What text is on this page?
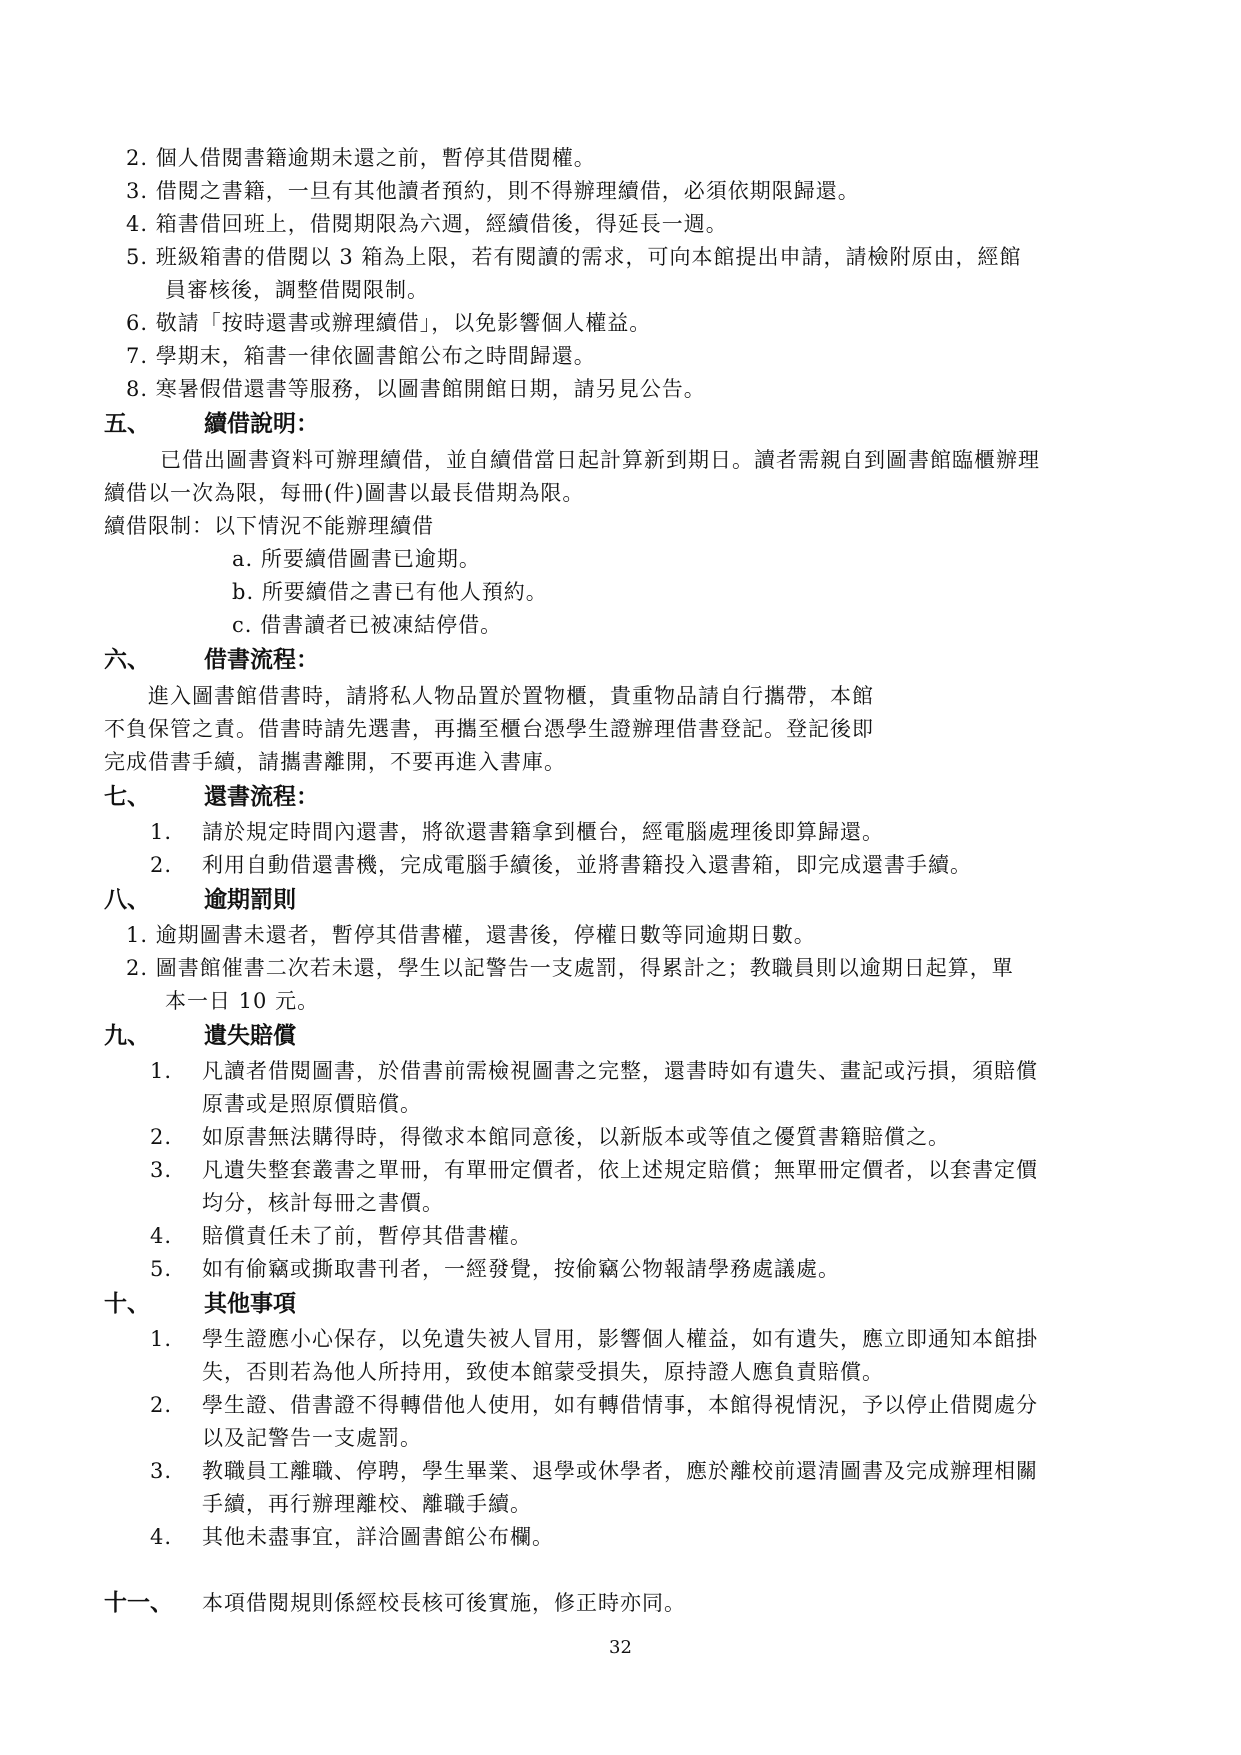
2. 個人借閱書籍逾期未還之前，暫停其借閱權。
3. 借閱之書籍，一旦有其他讀者預約，則不得辦理續借，必須依期限歸還。
4. 箱書借回班上，借閱期限為六週，經續借後，得延長一週。
5. 班級箱書的借閱以 3 箱為上限，若有閱讀的需求，可向本館提出申請，請檢附原由，經館
員審核後，調整借閱限制。
6. 敬請「按時還書或辦理續借」，以免影響個人權益。
7. 學期末，箱書一律依圖書館公布之時間歸還。
8. 寒暑假借還書等服務，以圖書館開館日期，請另見公告。
五、 續借說明：
已借出圖書資料可辦理續借，並自續借當日起計算新到期日。讀者需親自到圖書館臨櫃辦理
續借以一次為限，每冊(件)圖書以最長借期為限。
續借限制：以下情況不能辦理續借
a. 所要續借圖書已逾期。
b. 所要續借之書已有他人預約。
c. 借書讀者已被凍結停借。
六、 借書流程：
進入圖書館借書時，請將私人物品置於置物櫃，貴重物品請自行攜帶，本館
不負保管之責。借書時請先選書，再攜至櫃台憑學生證辦理借書登記。登記後即
完成借書手續，請攜書離開，不要再進入書庫。
七、 還書流程：
1. 請於規定時間內還書，將欲還書籍拿到櫃台，經電腦處理後即算歸還。
2. 利用自動借還書機，完成電腦手續後，並將書籍投入還書箱，即完成還書手續。
八、 逾期罰則
1. 逾期圖書未還者，暫停其借書權，還書後，停權日數等同逾期日數。
2. 圖書館催書二次若未還，學生以記警告一支處罰，得累計之；教職員則以逾期日起算，單
本一日 10 元。
九、 遺失賠償
1. 凡讀者借閱圖書，於借書前需檢視圖書之完整，還書時如有遺失、畫記或污損，須賠償
原書或是照原價賠償。
2. 如原書無法購得時，得徵求本館同意後，以新版本或等值之優質書籍賠償之。
3. 凡遺失整套叢書之單冊，有單冊定價者，依上述規定賠償；無單冊定價者，以套書定價
均分，核計每冊之書價。
4. 賠償責任未了前，暫停其借書權。
5. 如有偷竊或撕取書刊者，一經發覺，按偷竊公物報請學務處議處。
十、 其他事項
1. 學生證應小心保存，以免遺失被人冒用，影響個人權益，如有遺失，應立即通知本館掛
失，否則若為他人所持用，致使本館蒙受損失，原持證人應負責賠償。
2. 學生證、借書證不得轉借他人使用，如有轉借情事，本館得視情況，予以停止借閱處分
以及記警告一支處罰。
3. 教職員工離職、停聘，學生畢業、退學或休學者，應於離校前還清圖書及完成辦理相關
手續，再行辦理離校、離職手續。
4. 其他未盡事宜，詳洽圖書館公布欄。
十一、 本項借閱規則係經校長核可後實施，修正時亦同。
32
